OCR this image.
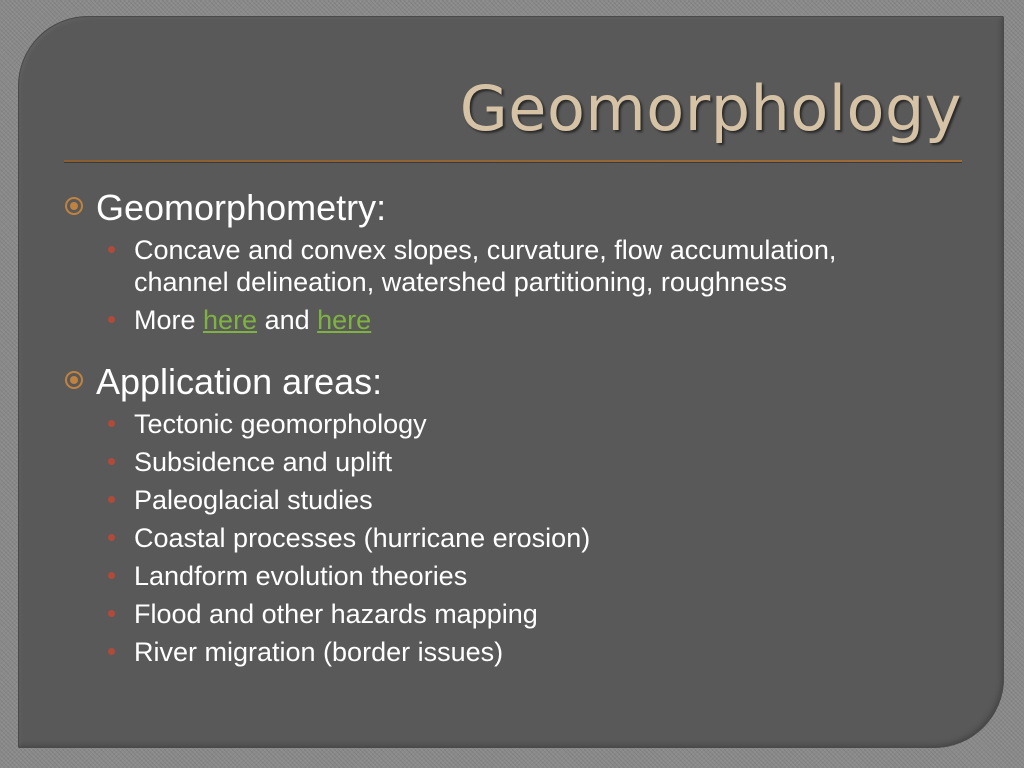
Geomorphology

Geomorphometry:

Concave and convex slopes, curvature, flow accumulation, channel delineation, watershed partitioning, roughness
More here and here

Application areas:

Tectonic geomorphology
Subsidence and uplift
Paleoglacial studies
Coastal processes (hurricane erosion)
Landform evolution theories
Flood and other hazards mapping
River migration (border issues)
